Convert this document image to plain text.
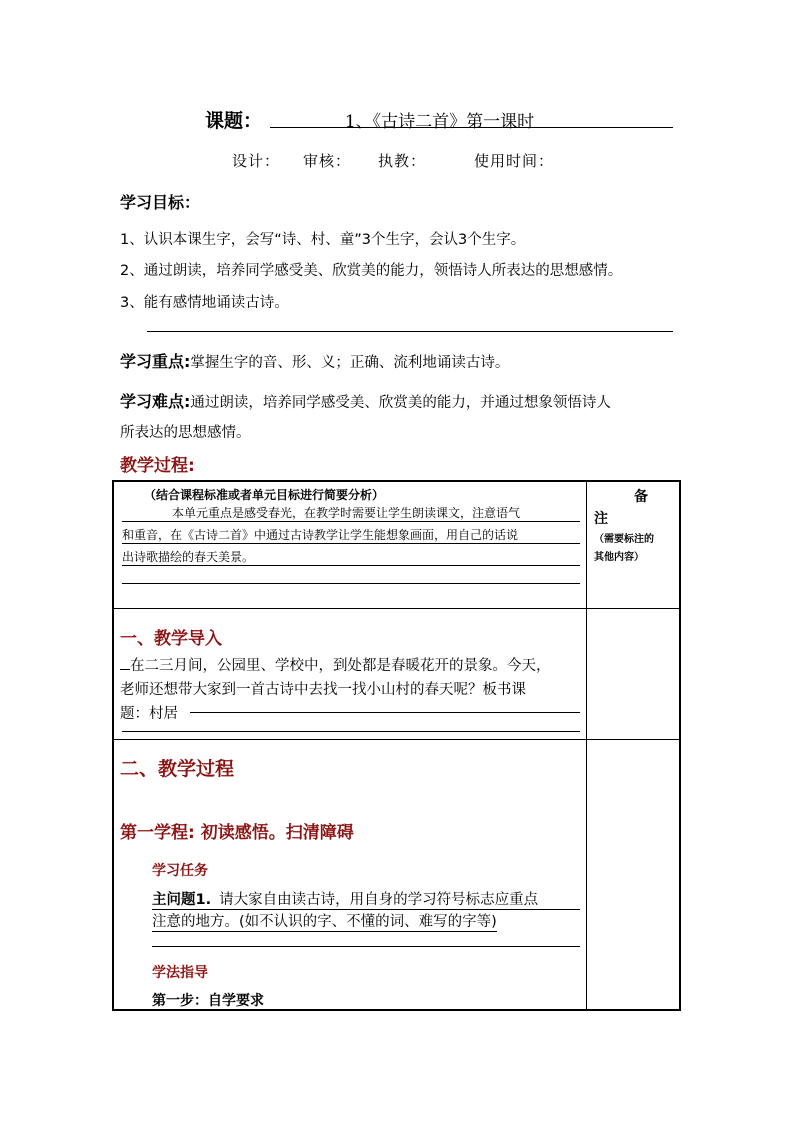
课题：	1、《古诗二首》第一课时
设计： 审核： 执教：	使用时间：
学习目标：
1、认识本课生字，会写“诗、村、童”3个生字，会认3个生字。
2、通过朗读，培养同学感受美、欣赏美的能力，领悟诗人所表达的思想感情。
3、能有感情地诵读古诗。
学习重点:掌握生字的音、形、义；正确、流利地诵读古诗。
学习难点:通过朗读，培养同学感受美、欣赏美的能力，并通过想象领悟诗人
所表达的思想感情。
教学过程:
（结合课程标准或者单元目标进行简要分析）
本单元重点是感受春光，在教学时需要让学生朗读课文，注意语气
和重音，在《古诗二首》中通过古诗教学让学生能想象画面，用自己的话说
出诗歌描绘的春天美景。
备
注
（需要标注的
其他内容）
一、教学导入
在二三月间，公园里、学校中，到处都是春暖花开的景象。今天，
老师还想带大家到一首古诗中去找一找小山村的春天呢？板书课
题：村居
二、教学过程
第一学程: 初读感悟。扫清障碍
学习任务
主问题1. 请大家自由读古诗，用自身的学习符号标志应重点
注意的地方。(如不认识的字、不懂的词、难写的字等)
学法指导
第一步：自学要求
